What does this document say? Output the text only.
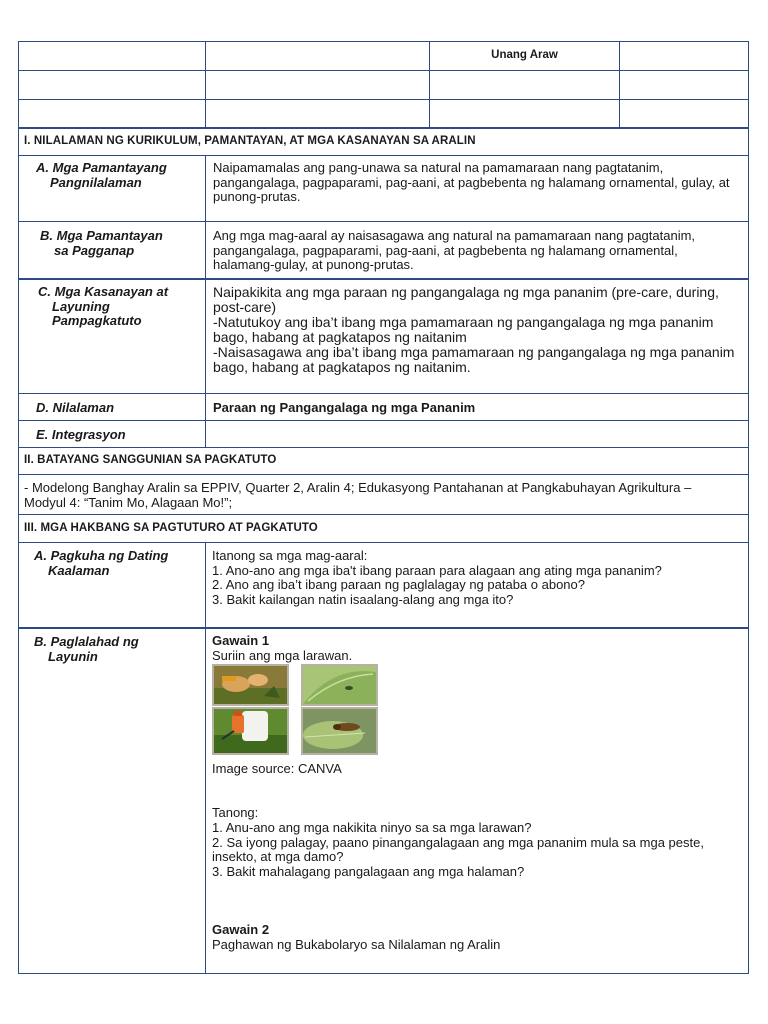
Unang Araw
I. NILALAMAN NG KURIKULUM, PAMANTAYAN, AT MGA KASANAYAN SA ARALIN
A. Mga Pamantayang

Pangnilalaman
Naipamamalas ang pang-unawa sa natural na pamamaraan nang pagtatanim, pangangalaga, pagpaparami, pag-aani, at pagbebenta ng halamang ornamental, gulay, at punong-prutas.
B. Mga Pamantayan

sa Pagganap
Ang mga mag-aaral ay naisasagawa ang natural na pamamaraan nang pagtatanim, pangangalaga, pagpaparami, pag-aani, at pagbebenta ng halamang ornamental, halamang-gulay, at punong-prutas.
C. Mga Kasanayan at

Layuning
Pampagkatuto
Naipakikita ang mga paraan ng pangangalaga ng mga pananim (pre-care, during, post-care)
-Natutukoy ang iba’t ibang mga pamamaraan ng pangangalaga ng mga pananim bago, habang at pagkatapos ng naitanim
-Naisasagawa ang iba’t ibang mga pamamaraan ng pangangalaga ng mga pananim bago, habang at pagkatapos ng naitanim.
D. Nilalaman	Paraan ng Pangangalaga ng mga Pananim
E. Integrasyon
II. BATAYANG SANGGUNIAN SA PAGKATUTO
- Modelong Banghay Aralin sa EPPIV, Quarter 2, Aralin 4; Edukasyong Pantahanan at Pangkabuhayan Agrikultura – Modyul 4: “Tanim Mo, Alagaan Mo!”;
III. MGA HAKBANG SA PAGTUTURO AT PAGKATUTO
A. Pagkuha ng Dating

Kaalaman
Itanong sa mga mag-aaral:
1. Ano-ano ang mga iba't ibang paraan para alagaan ang ating mga pananim?
2. Ano ang iba’t ibang paraan ng paglalagay ng pataba o abono?
3. Bakit kailangan natin isaalang-alang ang mga ito?
B. Paglalahad ng

Layunin
Gawain 1
Suriin ang mga larawan.
Image source: CANVA
Tanong:
1. Anu-ano ang mga nakikita ninyo sa sa mga larawan?
2. Sa iyong palagay, paano pinangangalagaan ang mga pananim mula sa mga peste, insekto, at mga damo?
3. Bakit mahalagang pangalagaan ang mga halaman?
Gawain 2
Paghawan ng Bukabolaryo sa Nilalaman ng Aralin
